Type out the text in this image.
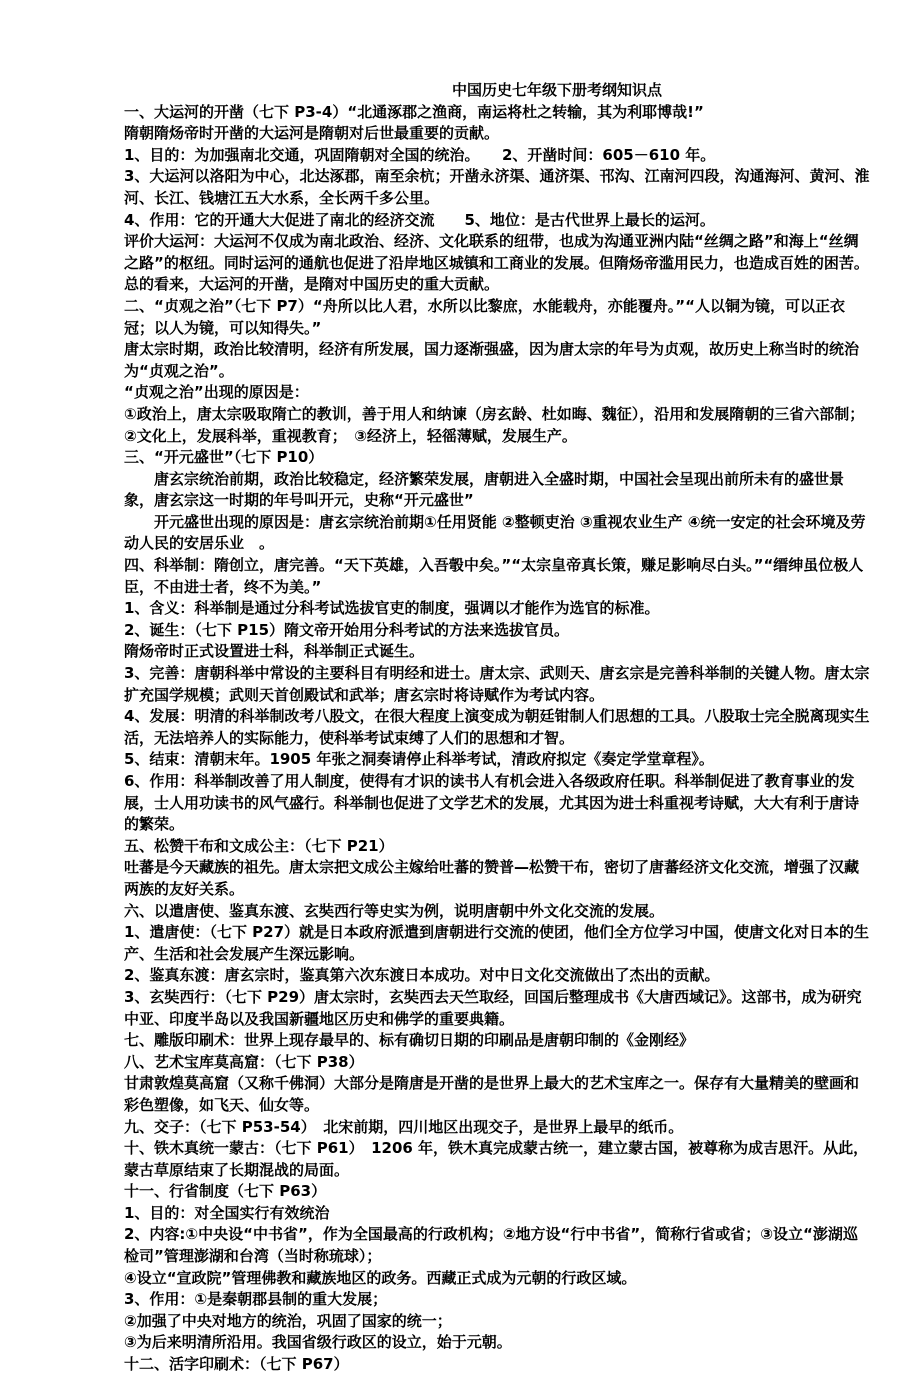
中国历史七年级下册考纲知识点
一、大运河的开凿（七下 P3-4）“北通涿郡之渔商，南运将杜之转输，其为利耶博哉!”
隋朝隋炀帝时开凿的大运河是隋朝对后世最重要的贡献。
1、目的：为加强南北交通，巩固隋朝对全国的统治。　　2、开凿时间：605－610 年。
3、大运河以洛阳为中心，北达涿郡，南至余杭；开凿永济渠、通济渠、邗沟、江南河四段，沟通海河、黄河、淮河、长江、钱塘江五大水系，全长两千多公里。
4、作用：它的开通大大促进了南北的经济交流　　5、地位：是古代世界上最长的运河。
评价大运河：大运河不仅成为南北政治、经济、文化联系的纽带，也成为沟通亚洲内陆“丝绸之路”和海上“丝绸之路”的枢纽。同时运河的通航也促进了沿岸地区城镇和工商业的发展。但隋炀帝滥用民力，也造成百姓的困苦。总的看来，大运河的开凿，是隋对中国历史的重大贡献。
二、“贞观之治”（七下 P7）“舟所以比人君，水所以比黎庶，水能载舟，亦能覆舟。”“人以铜为镜，可以正衣冠；以人为镜，可以知得失。”
唐太宗时期，政治比较清明，经济有所发展，国力逐渐强盛，因为唐太宗的年号为贞观，故历史上称当时的统治为“贞观之治”。
“贞观之治”出现的原因是：
①政治上，唐太宗吸取隋亡的教训，善于用人和纳谏（房玄龄、杜如晦、魏征），沿用和发展隋朝的三省六部制；　②文化上，发展科举，重视教育；　③经济上，轻徭薄赋，发展生产。
三、“开元盛世”（七下 P10）
　　唐玄宗统治前期，政治比较稳定，经济繁荣发展，唐朝进入全盛时期，中国社会呈现出前所未有的盛世景象，唐玄宗这一时期的年号叫开元，史称“开元盛世”
　　开元盛世出现的原因是：唐玄宗统治前期①任用贤能 ②整顿吏治 ③重视农业生产 ④统一安定的社会环境及劳动人民的安居乐业　。
四、科举制：隋创立，唐完善。“天下英雄，入吾彀中矣。”“太宗皇帝真长策，赚足影响尽白头。”“缙绅虽位极人臣，不由进士者，终不为美。”
1、含义：科举制是通过分科考试选拔官吏的制度，强调以才能作为选官的标准。
2、诞生：（七下 P15）隋文帝开始用分科考试的方法来选拔官员。
隋炀帝时正式设置进士科，科举制正式诞生。
3、完善：唐朝科举中常设的主要科目有明经和进士。唐太宗、武则天、唐玄宗是完善科举制的关键人物。唐太宗扩充国学规模；武则天首创殿试和武举；唐玄宗时将诗赋作为考试内容。
4、发展：明清的科举制改考八股文，在很大程度上演变成为朝廷钳制人们思想的工具。八股取士完全脱离现实生活，无法培养人的实际能力，使科举考试束缚了人们的思想和才智。
5、结束：清朝末年。1905 年张之洞奏请停止科举考试，清政府拟定《奏定学堂章程》。
6、作用：科举制改善了用人制度，使得有才识的读书人有机会进入各级政府任职。科举制促进了教育事业的发展，士人用功读书的风气盛行。科举制也促进了文学艺术的发展，尤其因为进士科重视考诗赋，大大有利于唐诗的繁荣。
五、松赞干布和文成公主：（七下 P21）
吐蕃是今天藏族的祖先。唐太宗把文成公主嫁给吐蕃的赞普—松赞干布，密切了唐蕃经济文化交流，增强了汉藏两族的友好关系。
六、以遣唐使、鉴真东渡、玄奘西行等史实为例，说明唐朝中外文化交流的发展。
1、遣唐使：（七下 P27）就是日本政府派遣到唐朝进行交流的使团，他们全方位学习中国，使唐文化对日本的生产、生活和社会发展产生深远影响。
2、鉴真东渡：唐玄宗时，鉴真第六次东渡日本成功。对中日文化交流做出了杰出的贡献。
3、玄奘西行：（七下 P29）唐太宗时，玄奘西去天竺取经，回国后整理成书《大唐西域记》。这部书，成为研究中亚、印度半岛以及我国新疆地区历史和佛学的重要典籍。
七、雕版印刷术：世界上现存最早的、标有确切日期的印刷品是唐朝印制的《金刚经》
八、艺术宝库莫高窟：（七下 P38）
甘肃敦煌莫高窟（又称千佛洞）大部分是隋唐是开凿的是世界上最大的艺术宝库之一。保存有大量精美的壁画和彩色塑像，如飞天、仙女等。
九、交子：（七下 P53-54）　北宋前期，四川地区出现交子，是世界上最早的纸币。
十、铁木真统一蒙古：（七下 P61）　1206 年，铁木真完成蒙古统一，建立蒙古国，被尊称为成吉思汗。从此，蒙古草原结束了长期混战的局面。
十一、行省制度（七下 P63）
1、目的：对全国实行有效统治
2、内容:①中央设“中书省”，作为全国最高的行政机构；②地方设“行中书省”，简称行省或省；③设立“澎湖巡检司”管理澎湖和台湾（当时称琉球）；
④设立“宣政院”管理佛教和藏族地区的政务。西藏正式成为元朝的行政区域。
3、作用：①是秦朝郡县制的重大发展；
②加强了中央对地方的统治，巩固了国家的统一；
③为后来明清所沿用。我国省级行政区的设立，始于元朝。
十二、活字印刷术：（七下 P67）
